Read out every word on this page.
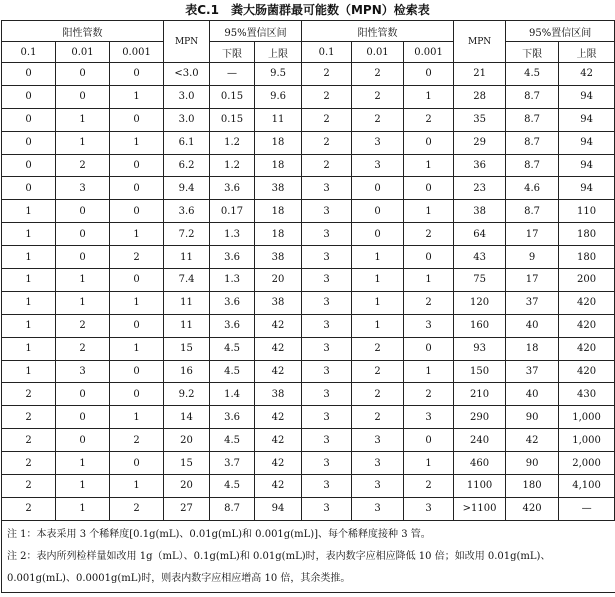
表C.1　粪大肠菌群最可能数（MPN）检索表
阳性管数			MPN	95%置信区间		阳性管数			MPN	95%置信区间	
0.1	0.01	0.001		下限	上限	0.1	0.01	0.001		下限	上限
0	0	0	<3.0	—	9.5	2	2	0	21	4.5	42
0	0	1	3.0	0.15	9.6	2	2	1	28	8.7	94
0	1	0	3.0	0.15	11	2	2	2	35	8.7	94
0	1	1	6.1	1.2	18	2	3	0	29	8.7	94
0	2	0	6.2	1.2	18	2	3	1	36	8.7	94
0	3	0	9.4	3.6	38	3	0	0	23	4.6	94
1	0	0	3.6	0.17	18	3	0	1	38	8.7	110
1	0	1	7.2	1.3	18	3	0	2	64	17	180
1	0	2	11	3.6	38	3	1	0	43	9	180
1	1	0	7.4	1.3	20	3	1	1	75	17	200
1	1	1	11	3.6	38	3	1	2	120	37	420
1	2	0	11	3.6	42	3	1	3	160	40	420
1	2	1	15	4.5	42	3	2	0	93	18	420
1	3	0	16	4.5	42	3	2	1	150	37	420
2	0	0	9.2	1.4	38	3	2	2	210	40	430
2	0	1	14	3.6	42	3	2	3	290	90	1,000
2	0	2	20	4.5	42	3	3	0	240	42	1,000
2	1	0	15	3.7	42	3	3	1	460	90	2,000
2	1	1	20	4.5	42	3	3	2	1100	180	4,100
2	1	2	27	8.7	94	3	3	3	>1100	420	—

注 1：本表采用 3 个稀释度[0.1g(mL)、0.01g(mL)和 0.001g(mL)]、每个稀释度接种 3 管。

注 2：表内所列检样量如改用 1g（mL）、0.1g(mL)和 0.01g(mL)时，表内数字应相应降低 10 倍；如改用 0.01g(mL)、0.001g(mL)、0.0001g(mL)时，则表内数字应相应增高 10 倍，其余类推。
